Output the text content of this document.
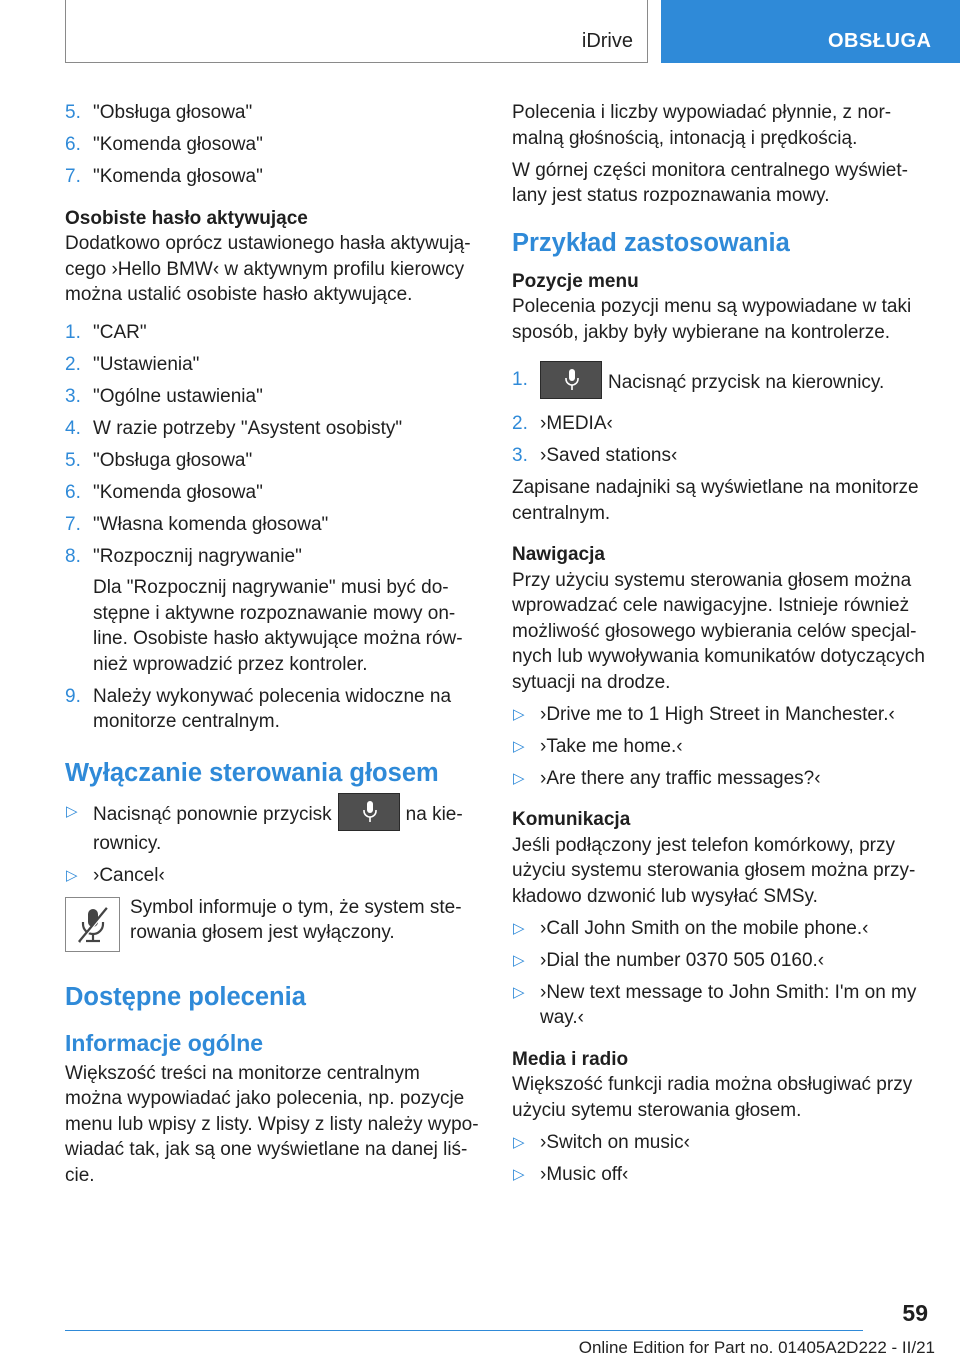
iDrive	OBSŁUGA
5. "Obsługa głosowa"
6. "Komenda głosowa"
7. "Komenda głosowa"
Osobiste hasło aktywujące

Dodatkowo oprócz ustawionego hasła aktywują‐cego ›Hello BMW‹ w aktywnym profilu kierowcy można ustalić osobiste hasło aktywujące.

1. "CAR"
2. "Ustawienia"
3. "Ogólne ustawienia"
4. W razie potrzeby "Asystent osobisty"
5. "Obsługa głosowa"
6. "Komenda głosowa"
7. "Własna komenda głosowa"
8. "Rozpocznij nagrywanie"
Dla "Rozpocznij nagrywanie" musi być do‐stępne i aktywne rozpoznawanie mowy on‐line. Osobiste hasło aktywujące można rów‐nież wprowadzić przez kontroler.
9. Należy wykonywać polecenia widoczne na monitorze centralnym.
Wyłączanie sterowania głosem
▷ Nacisnąć ponownie przycisk	na kie‐rownicy.
▷ ›Cancel‹
Symbol informuje o tym, że system ste‐rowania głosem jest wyłączony.
Dostępne polecenia
Informacje ogólne

Większość treści na monitorze centralnym można wypowiadać jako polecenia, np. pozycje menu lub wpisy z listy. Wpisy z listy należy wypo‐wiadać tak, jak są one wyświetlane na danej liś‐cie.

Polecenia i liczby wypowiadać płynnie, z nor‐malną głośnością, intonacją i prędkością.

W górnej części monitora centralnego wyświet‐lany jest status rozpoznawania mowy.

Przykład zastosowania
Pozycje menu

Polecenia pozycji menu są wypowiadane w taki sposób, jakby były wybierane na kontrolerze.

1.	Nacisnąć przycisk na kierownicy.
2. ›MEDIA‹
3. ›Saved stations‹

Zapisane nadajniki są wyświetlane na monitorze centralnym.

Nawigacja

Przy użyciu systemu sterowania głosem można wprowadzać cele nawigacyjne. Istnieje również możliwość głosowego wybierania celów specjal‐nych lub wywoływania komunikatów dotyczących sytuacji na drodze.

▷ ›Drive me to 1 High Street in Manchester.‹
▷ ›Take me home.‹
▷ ›Are there any traffic messages?‹
Komunikacja

Jeśli podłączony jest telefon komórkowy, przy użyciu systemu sterowania głosem można przy‐kładowo dzwonić lub wysyłać SMSy.

▷ ›Call John Smith on the mobile phone.‹
▷ ›Dial the number 0370 505 0160.‹
▷ ›New text message to John Smith: I'm on my way.‹
Media i radio

Większość funkcji radia można obsługiwać przy użyciu sytemu sterowania głosem.

▷ ›Switch on music‹
▷ ›Music off‹
59
Online Edition for Part no. 01405A2D222 - II/21
